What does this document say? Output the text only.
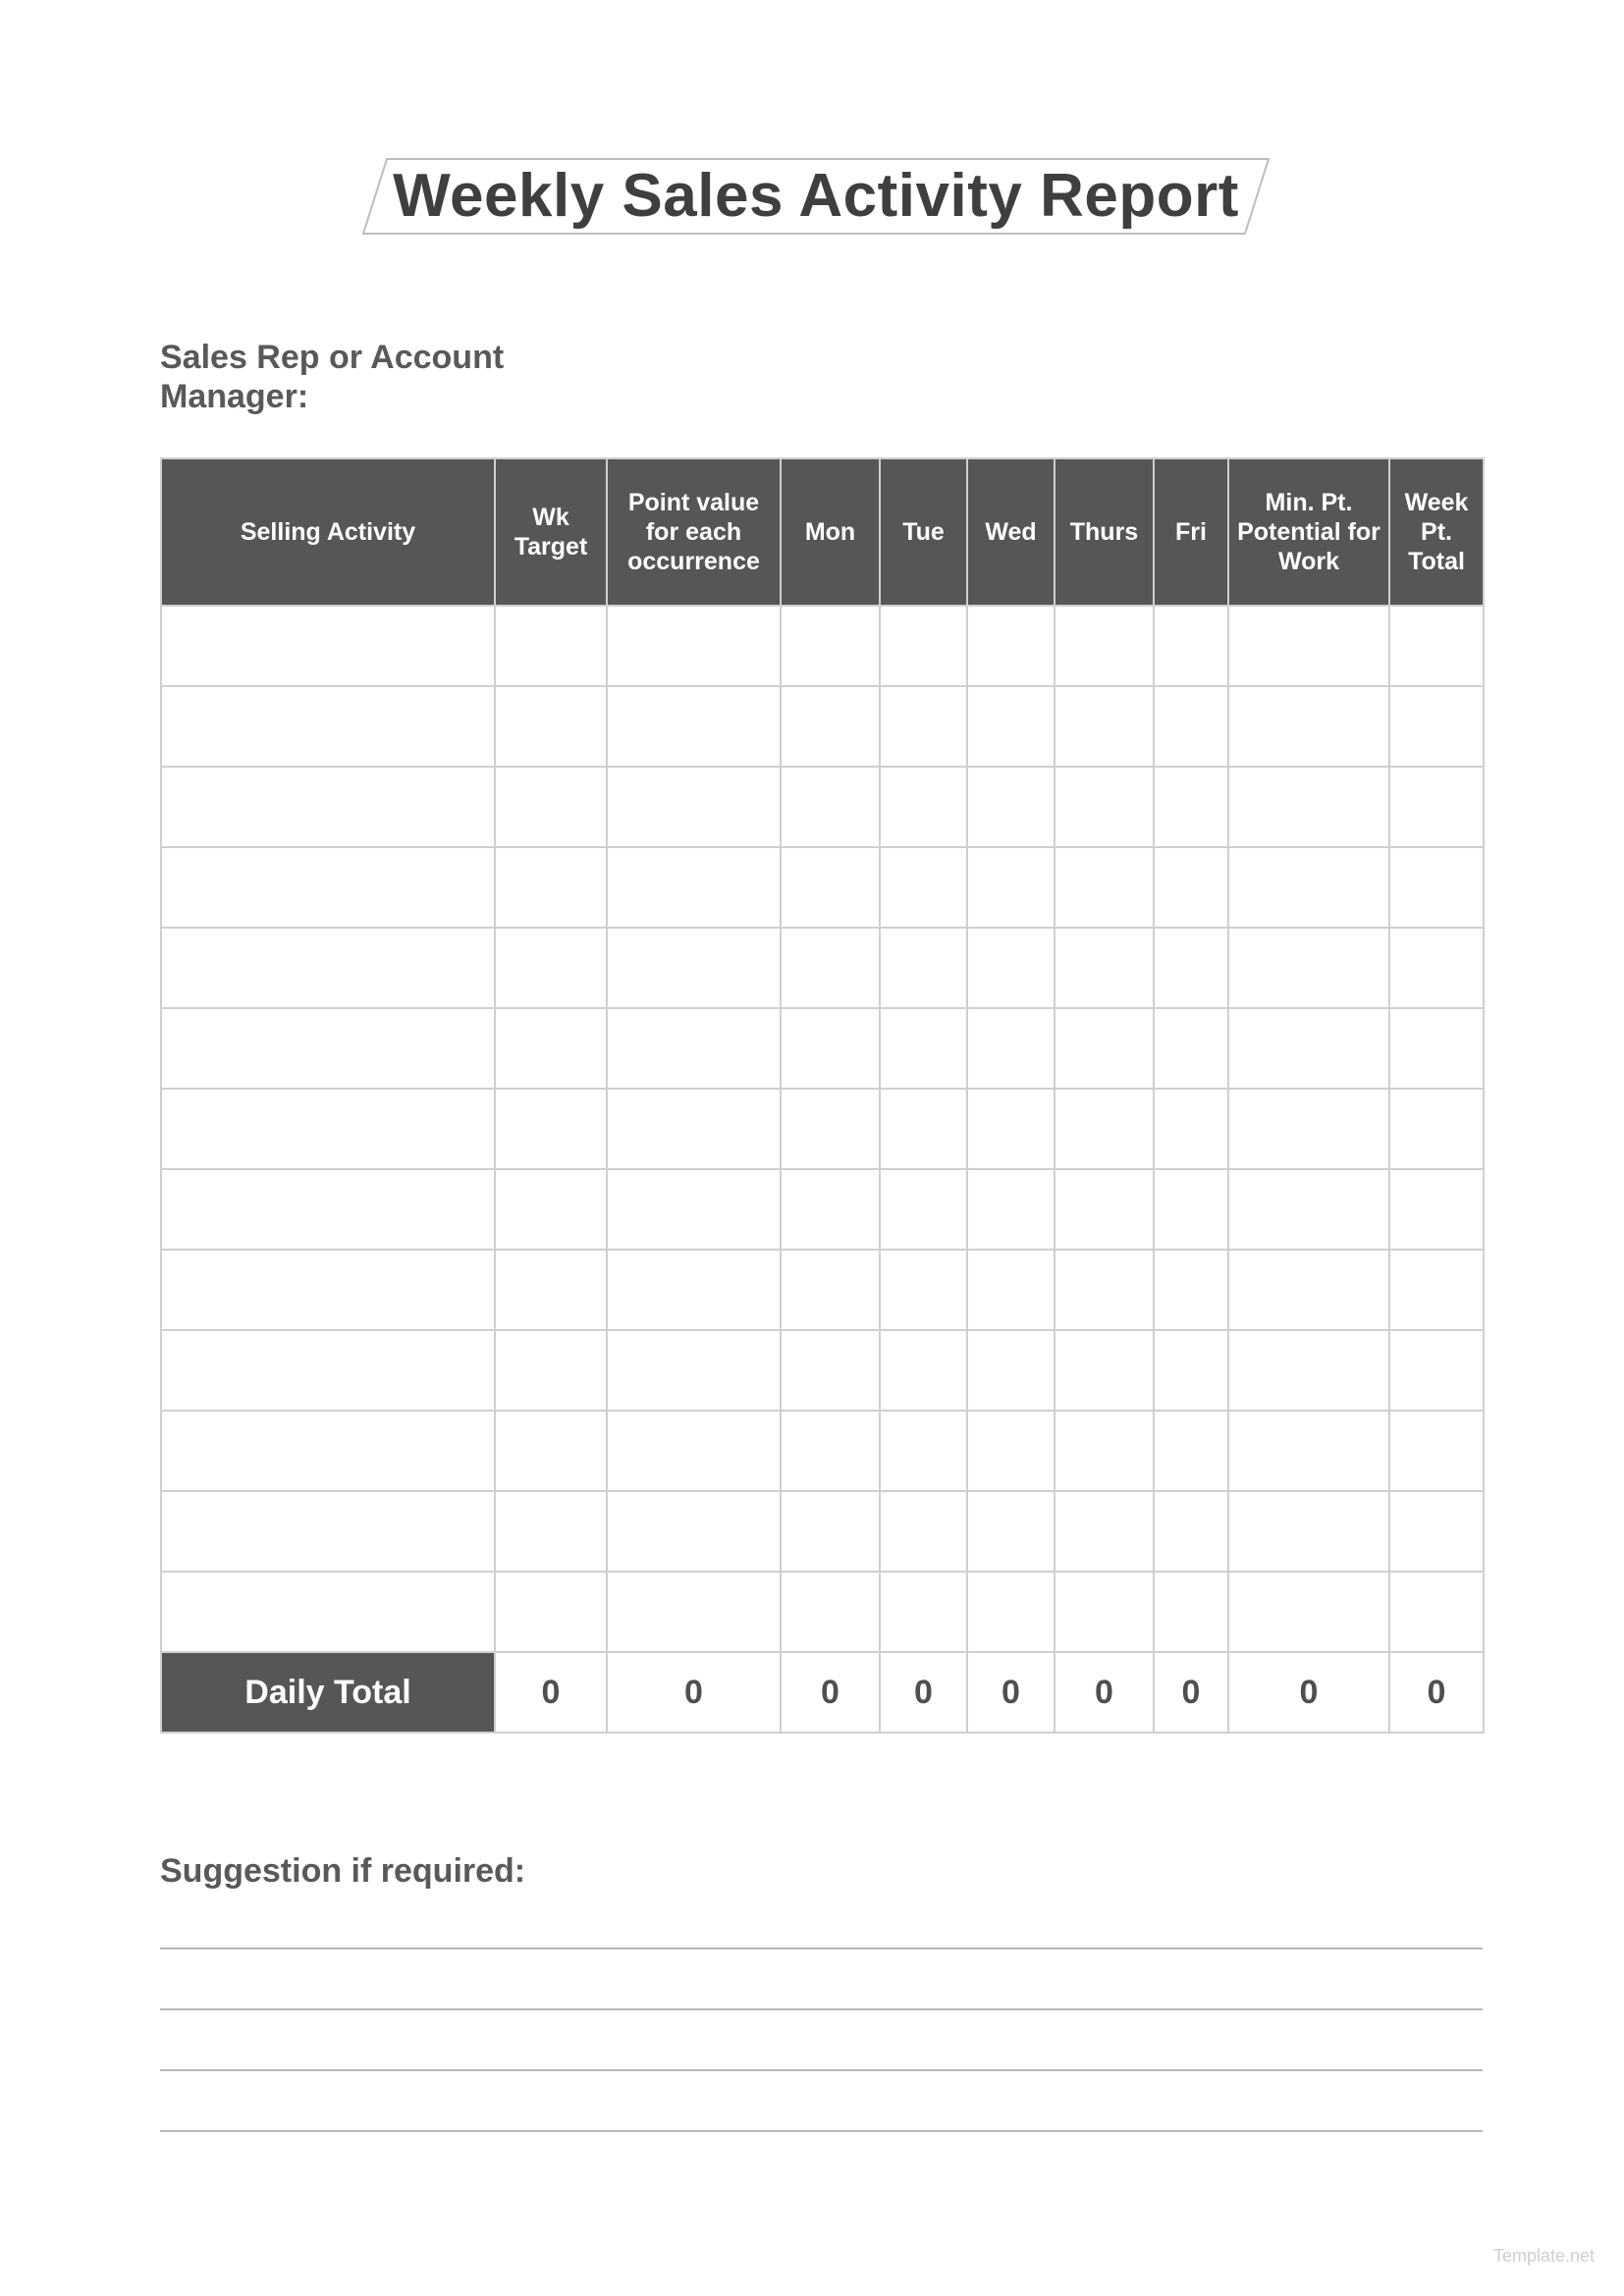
Weekly Sales Activity Report
Sales Rep or Account Manager:
Selling Activity	Wk Target	Point value for each occurrence	Mon	Tue	Wed	Thurs	Fri	Min. Pt. Potential for Work	Week Pt. Total

Daily Total	0	0	0	0	0	0	0	0	0
Suggestion if required:
Template.net
